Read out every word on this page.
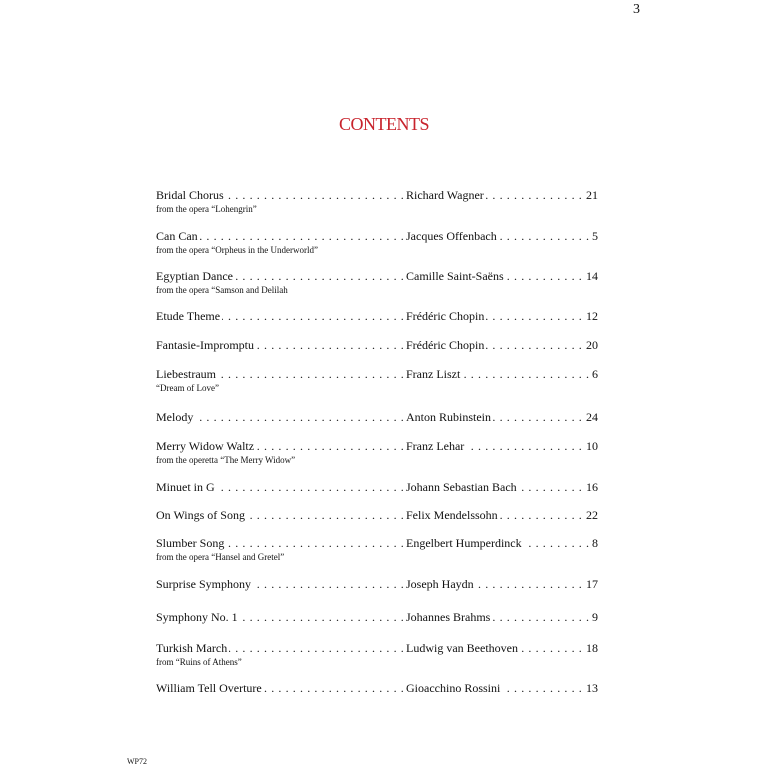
3
CONTENTS
Bridal Chorus . . .	Richard Wagner . . .	21
from the opera “Lohengrin”
Can Can . . .	Jacques Offenbach . . .	5
from the opera “Orpheus in the Underworld”
Egyptian Dance . . .	Camille Saint-Saëns . . .	14
from the opera “Samson and Delilah
Etude Theme . . .	Frédéric Chopin . . .	12
Fantasie-Impromptu . . .	Frédéric Chopin . . .	20
Liebestraum . . .	Franz Liszt . . .	6
“Dream of Love”
Melody . . .	Anton Rubinstein . . .	24
Merry Widow Waltz . . .	Franz Lehar . . .	10
from the operetta “The Merry Widow”
Minuet in G . . .	Johann Sebastian Bach . . .	16
On Wings of Song . . .	Felix Mendelssohn . . .	22
Slumber Song . . .	Engelbert Humperdinck . . .	8
from the opera “Hansel and Gretel”
Surprise Symphony . . .	Joseph Haydn . . .	17
Symphony No. 1 . . .	Johannes Brahms . . .	9
Turkish March . . .	Ludwig van Beethoven . . .	18
from “Ruins of Athens”
William Tell Overture . . .	Gioacchino Rossini . . .	13
WP72
